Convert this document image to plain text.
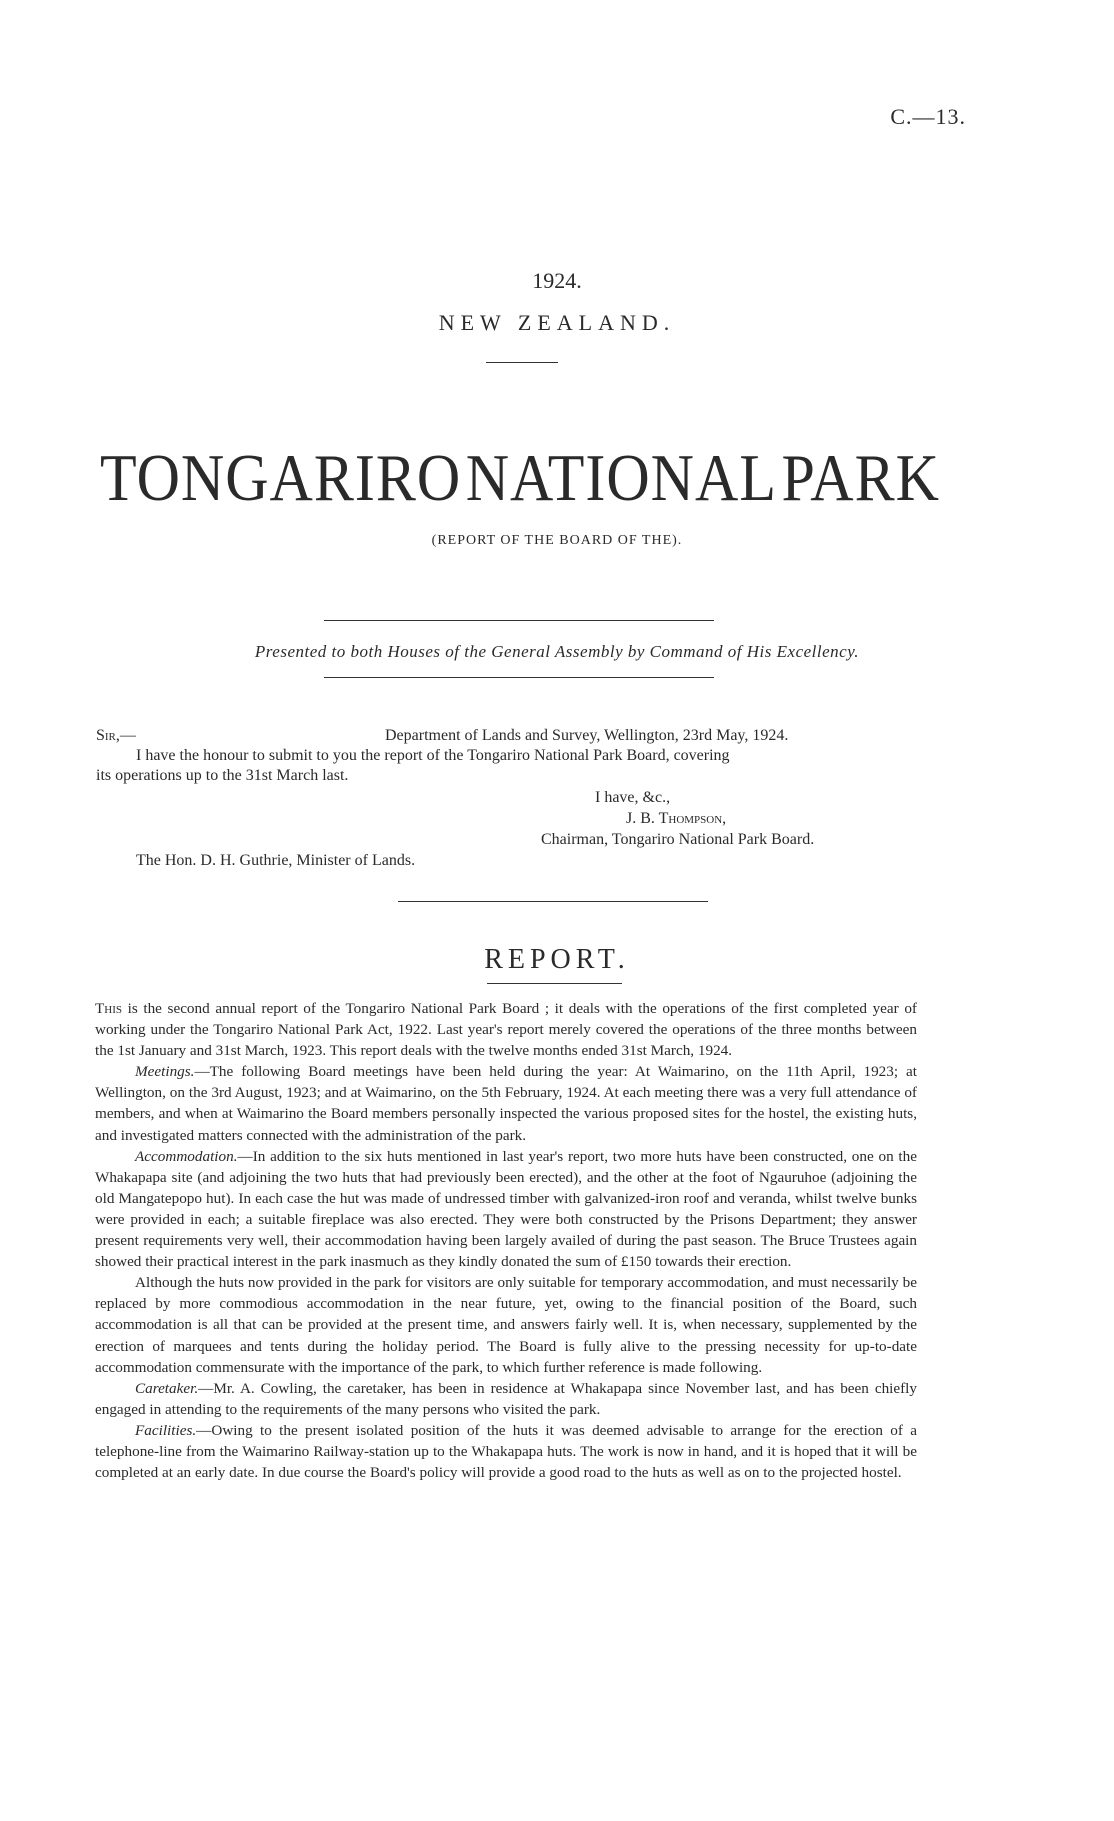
C.—13.
1924.
NEW ZEALAND.
TONGARIRO NATIONAL PARK
(REPORT OF THE BOARD OF THE).
Presented to both Houses of the General Assembly by Command of His Excellency.
Sir,—	Department of Lands and Survey, Wellington, 23rd May, 1924.
I have the honour to submit to you the report of the Tongariro National Park Board, covering
its operations up to the 31st March last.
I have, &c.,
J. B. Thompson,
Chairman, Tongariro National Park Board.
The Hon. D. H. Guthrie, Minister of Lands.
REPORT.

This is the second annual report of the Tongariro National Park Board ; it deals with the operations of the first completed year of working under the Tongariro National Park Act, 1922. Last year's report merely covered the operations of the three months between the 1st January and 31st March, 1923. This report deals with the twelve months ended 31st March, 1924.

Meetings.—The following Board meetings have been held during the year: At Waimarino, on the 11th April, 1923; at Wellington, on the 3rd August, 1923; and at Waimarino, on the 5th February, 1924. At each meeting there was a very full attendance of members, and when at Waimarino the Board members personally inspected the various proposed sites for the hostel, the existing huts, and investigated matters connected with the administration of the park.

Accommodation.—In addition to the six huts mentioned in last year's report, two more huts have been constructed, one on the Whakapapa site (and adjoining the two huts that had previously been erected), and the other at the foot of Ngauruhoe (adjoining the old Mangatepopo hut). In each case the hut was made of undressed timber with galvanized-iron roof and veranda, whilst twelve bunks were provided in each; a suitable fireplace was also erected. They were both constructed by the Prisons Department; they answer present requirements very well, their accommodation having been largely availed of during the past season. The Bruce Trustees again showed their practical interest in the park inasmuch as they kindly donated the sum of £150 towards their erection.

Although the huts now provided in the park for visitors are only suitable for temporary accommodation, and must necessarily be replaced by more commodious accommodation in the near future, yet, owing to the financial position of the Board, such accommodation is all that can be provided at the present time, and answers fairly well. It is, when necessary, supplemented by the erection of marquees and tents during the holiday period. The Board is fully alive to the pressing necessity for up-to-date accommodation commensurate with the importance of the park, to which further reference is made following.

Caretaker.—Mr. A. Cowling, the caretaker, has been in residence at Whakapapa since November last, and has been chiefly engaged in attending to the requirements of the many persons who visited the park.

Facilities.—Owing to the present isolated position of the huts it was deemed advisable to arrange for the erection of a telephone-line from the Waimarino Railway-station up to the Whakapapa huts. The work is now in hand, and it is hoped that it will be completed at an early date. In due course the Board's policy will provide a good road to the huts as well as on to the projected hostel.
